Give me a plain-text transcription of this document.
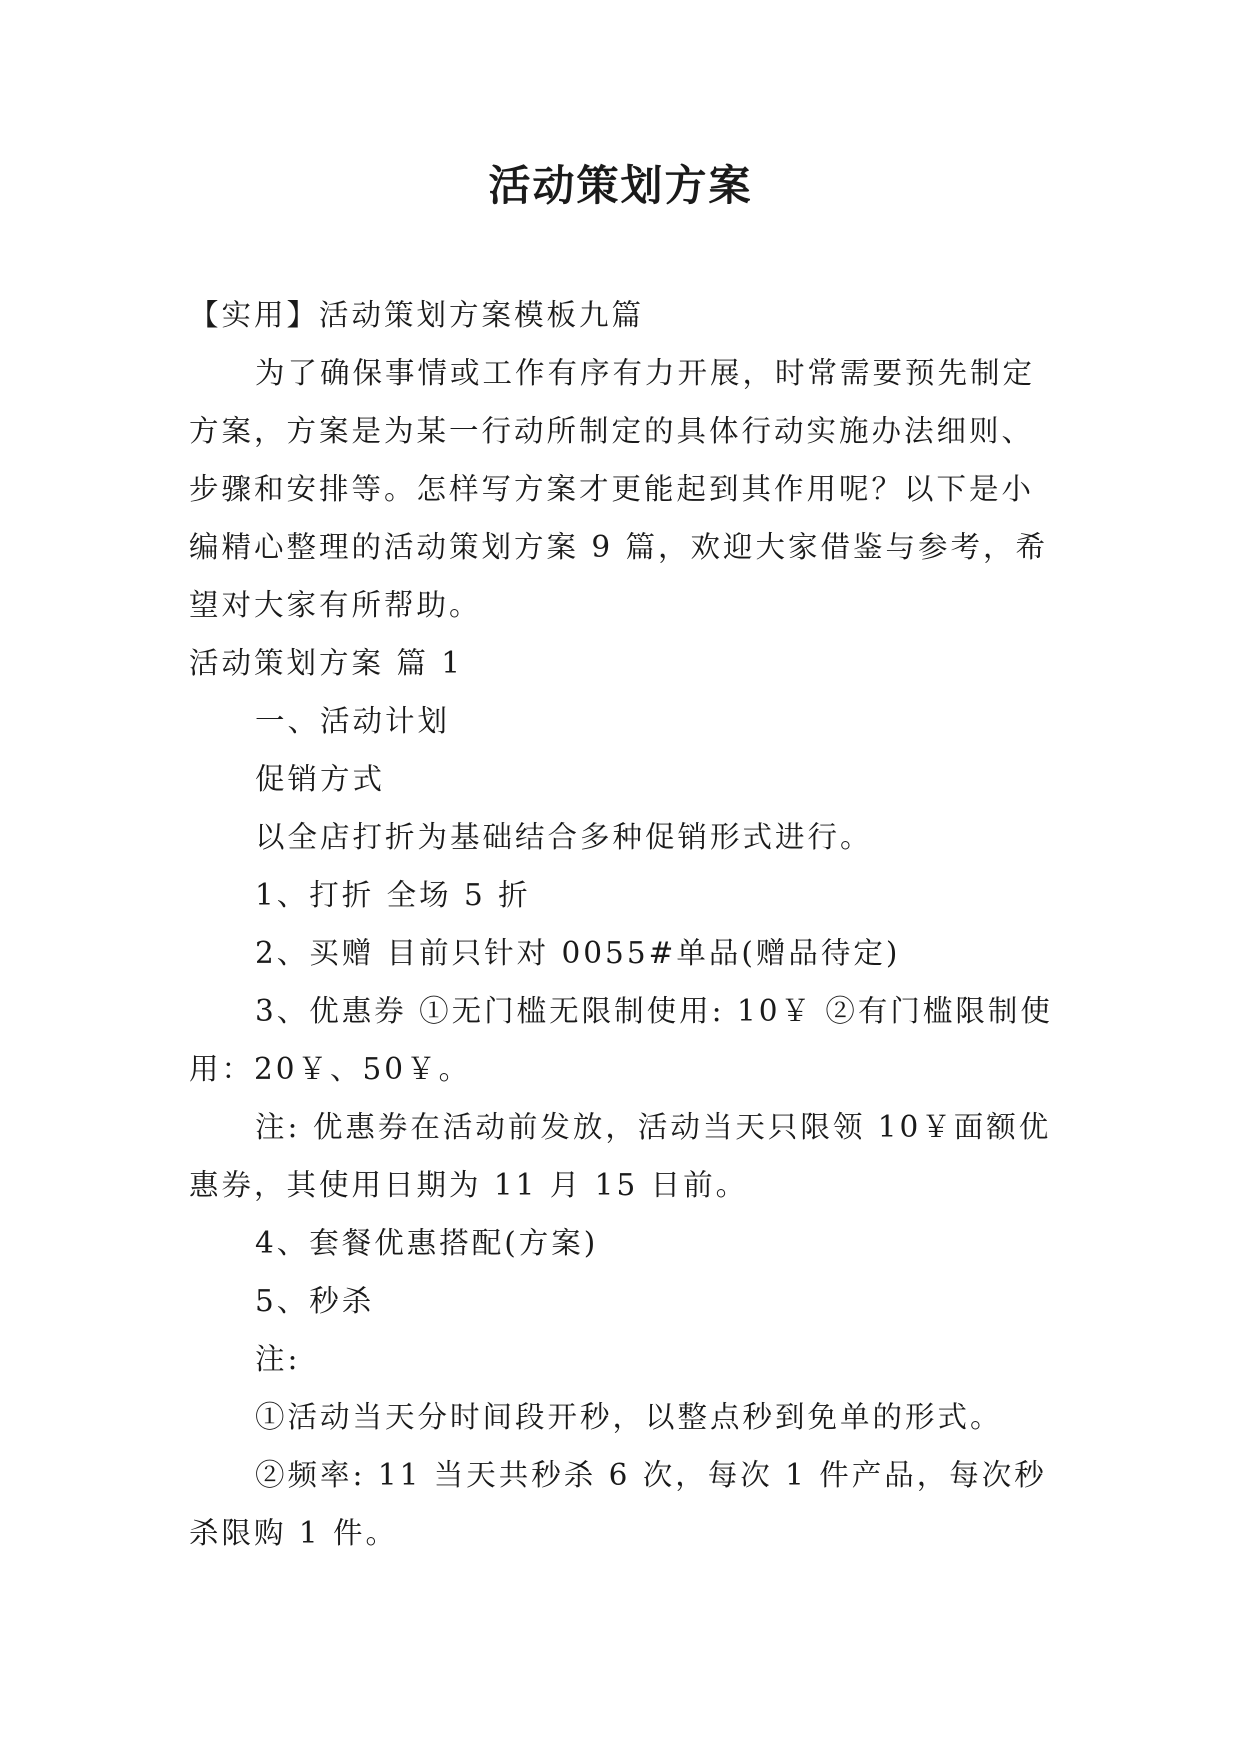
活动策划方案

【实用】活动策划方案模板九篇

为了确保事情或工作有序有力开展，时常需要预先制定方案，方案是为某一行动所制定的具体行动实施办法细则、步骤和安排等。怎样写方案才更能起到其作用呢？以下是小编精心整理的活动策划方案 9 篇，欢迎大家借鉴与参考，希望对大家有所帮助。

活动策划方案 篇 1

一、活动计划

促销方式

以全店打折为基础结合多种促销形式进行。

1、打折 全场 5 折

2、买赠 目前只针对 0055#单品(赠品待定)

3、优惠券 ①无门槛无限制使用: 10￥ ②有门槛限制使用：20￥、50￥。

注: 优惠券在活动前发放，活动当天只限领 10￥面额优惠券，其使用日期为 11 月 15 日前。

4、套餐优惠搭配(方案)

5、秒杀

注:

①活动当天分时间段开秒，以整点秒到免单的形式。

②频率: 11 当天共秒杀 6 次，每次 1 件产品，每次秒杀限购 1 件。
